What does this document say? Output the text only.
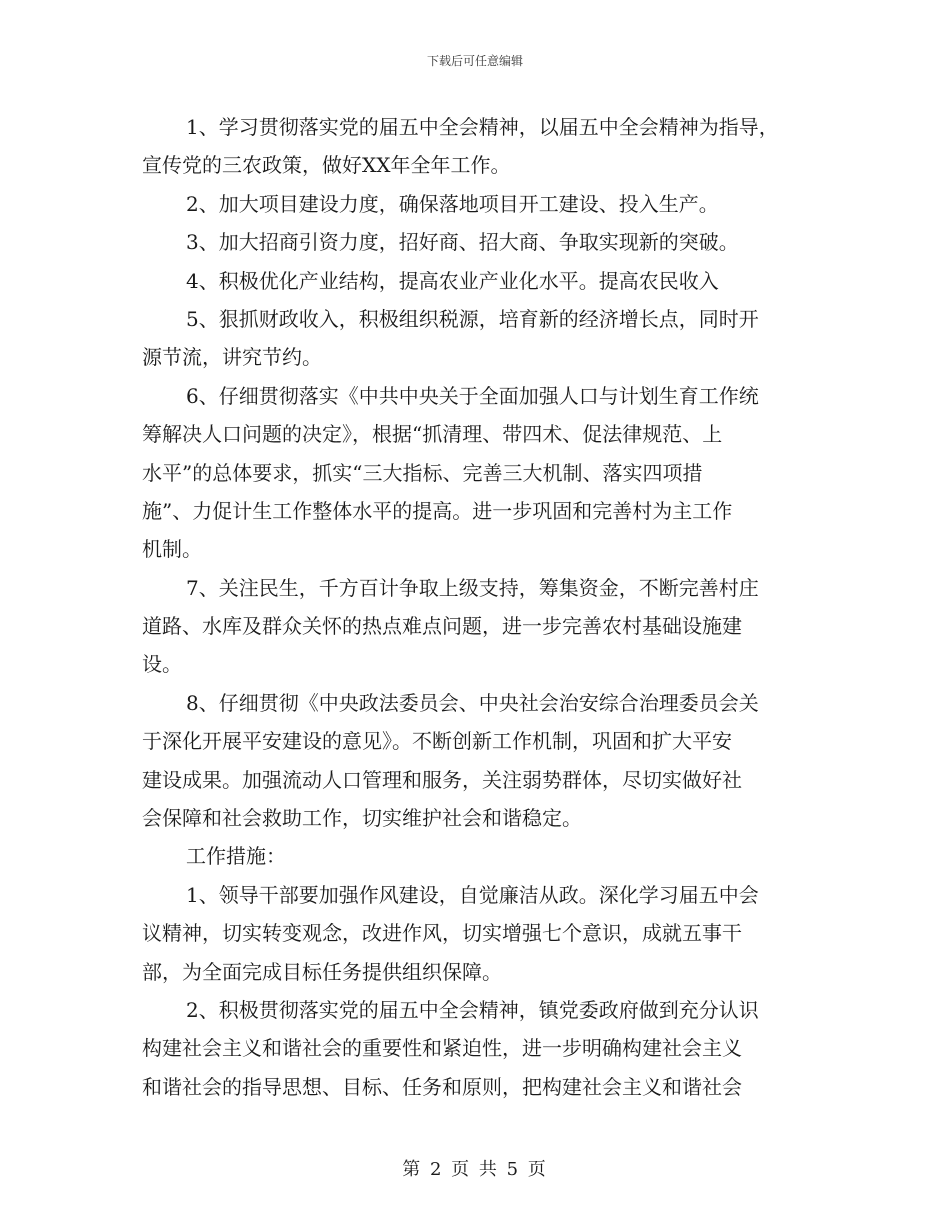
下载后可任意编辑
1、学习贯彻落实党的届五中全会精神，以届五中全会精神为指导，
宣传党的三农政策，做好XX年全年工作。
2、加大项目建设力度，确保落地项目开工建设、投入生产。
3、加大招商引资力度，招好商、招大商、争取实现新的突破。
4、积极优化产业结构，提高农业产业化水平。提高农民收入
5、狠抓财政收入，积极组织税源，培育新的经济增长点，同时开
源节流，讲究节约。
6、仔细贯彻落实《中共中央关于全面加强人口与计划生育工作统
筹解决人口问题的决定》，根据“抓清理、带四术、促法律规范、上
水平”的总体要求，抓实“三大指标、完善三大机制、落实四项措
施”、力促计生工作整体水平的提高。进一步巩固和完善村为主工作
机制。
7、关注民生，千方百计争取上级支持，筹集资金，不断完善村庄
道路、水库及群众关怀的热点难点问题，进一步完善农村基础设施建
设。
8、仔细贯彻《中央政法委员会、中央社会治安综合治理委员会关
于深化开展平安建设的意见》。不断创新工作机制，巩固和扩大平安
建设成果。加强流动人口管理和服务，关注弱势群体，尽切实做好社
会保障和社会救助工作，切实维护社会和谐稳定。
工作措施：
1、领导干部要加强作风建设，自觉廉洁从政。深化学习届五中会
议精神，切实转变观念，改进作风，切实增强七个意识，成就五事干
部，为全面完成目标任务提供组织保障。
2、积极贯彻落实党的届五中全会精神，镇党委政府做到充分认识
构建社会主义和谐社会的重要性和紧迫性，进一步明确构建社会主义
和谐社会的指导思想、目标、任务和原则，把构建社会主义和谐社会
第 2 页 共 5 页
